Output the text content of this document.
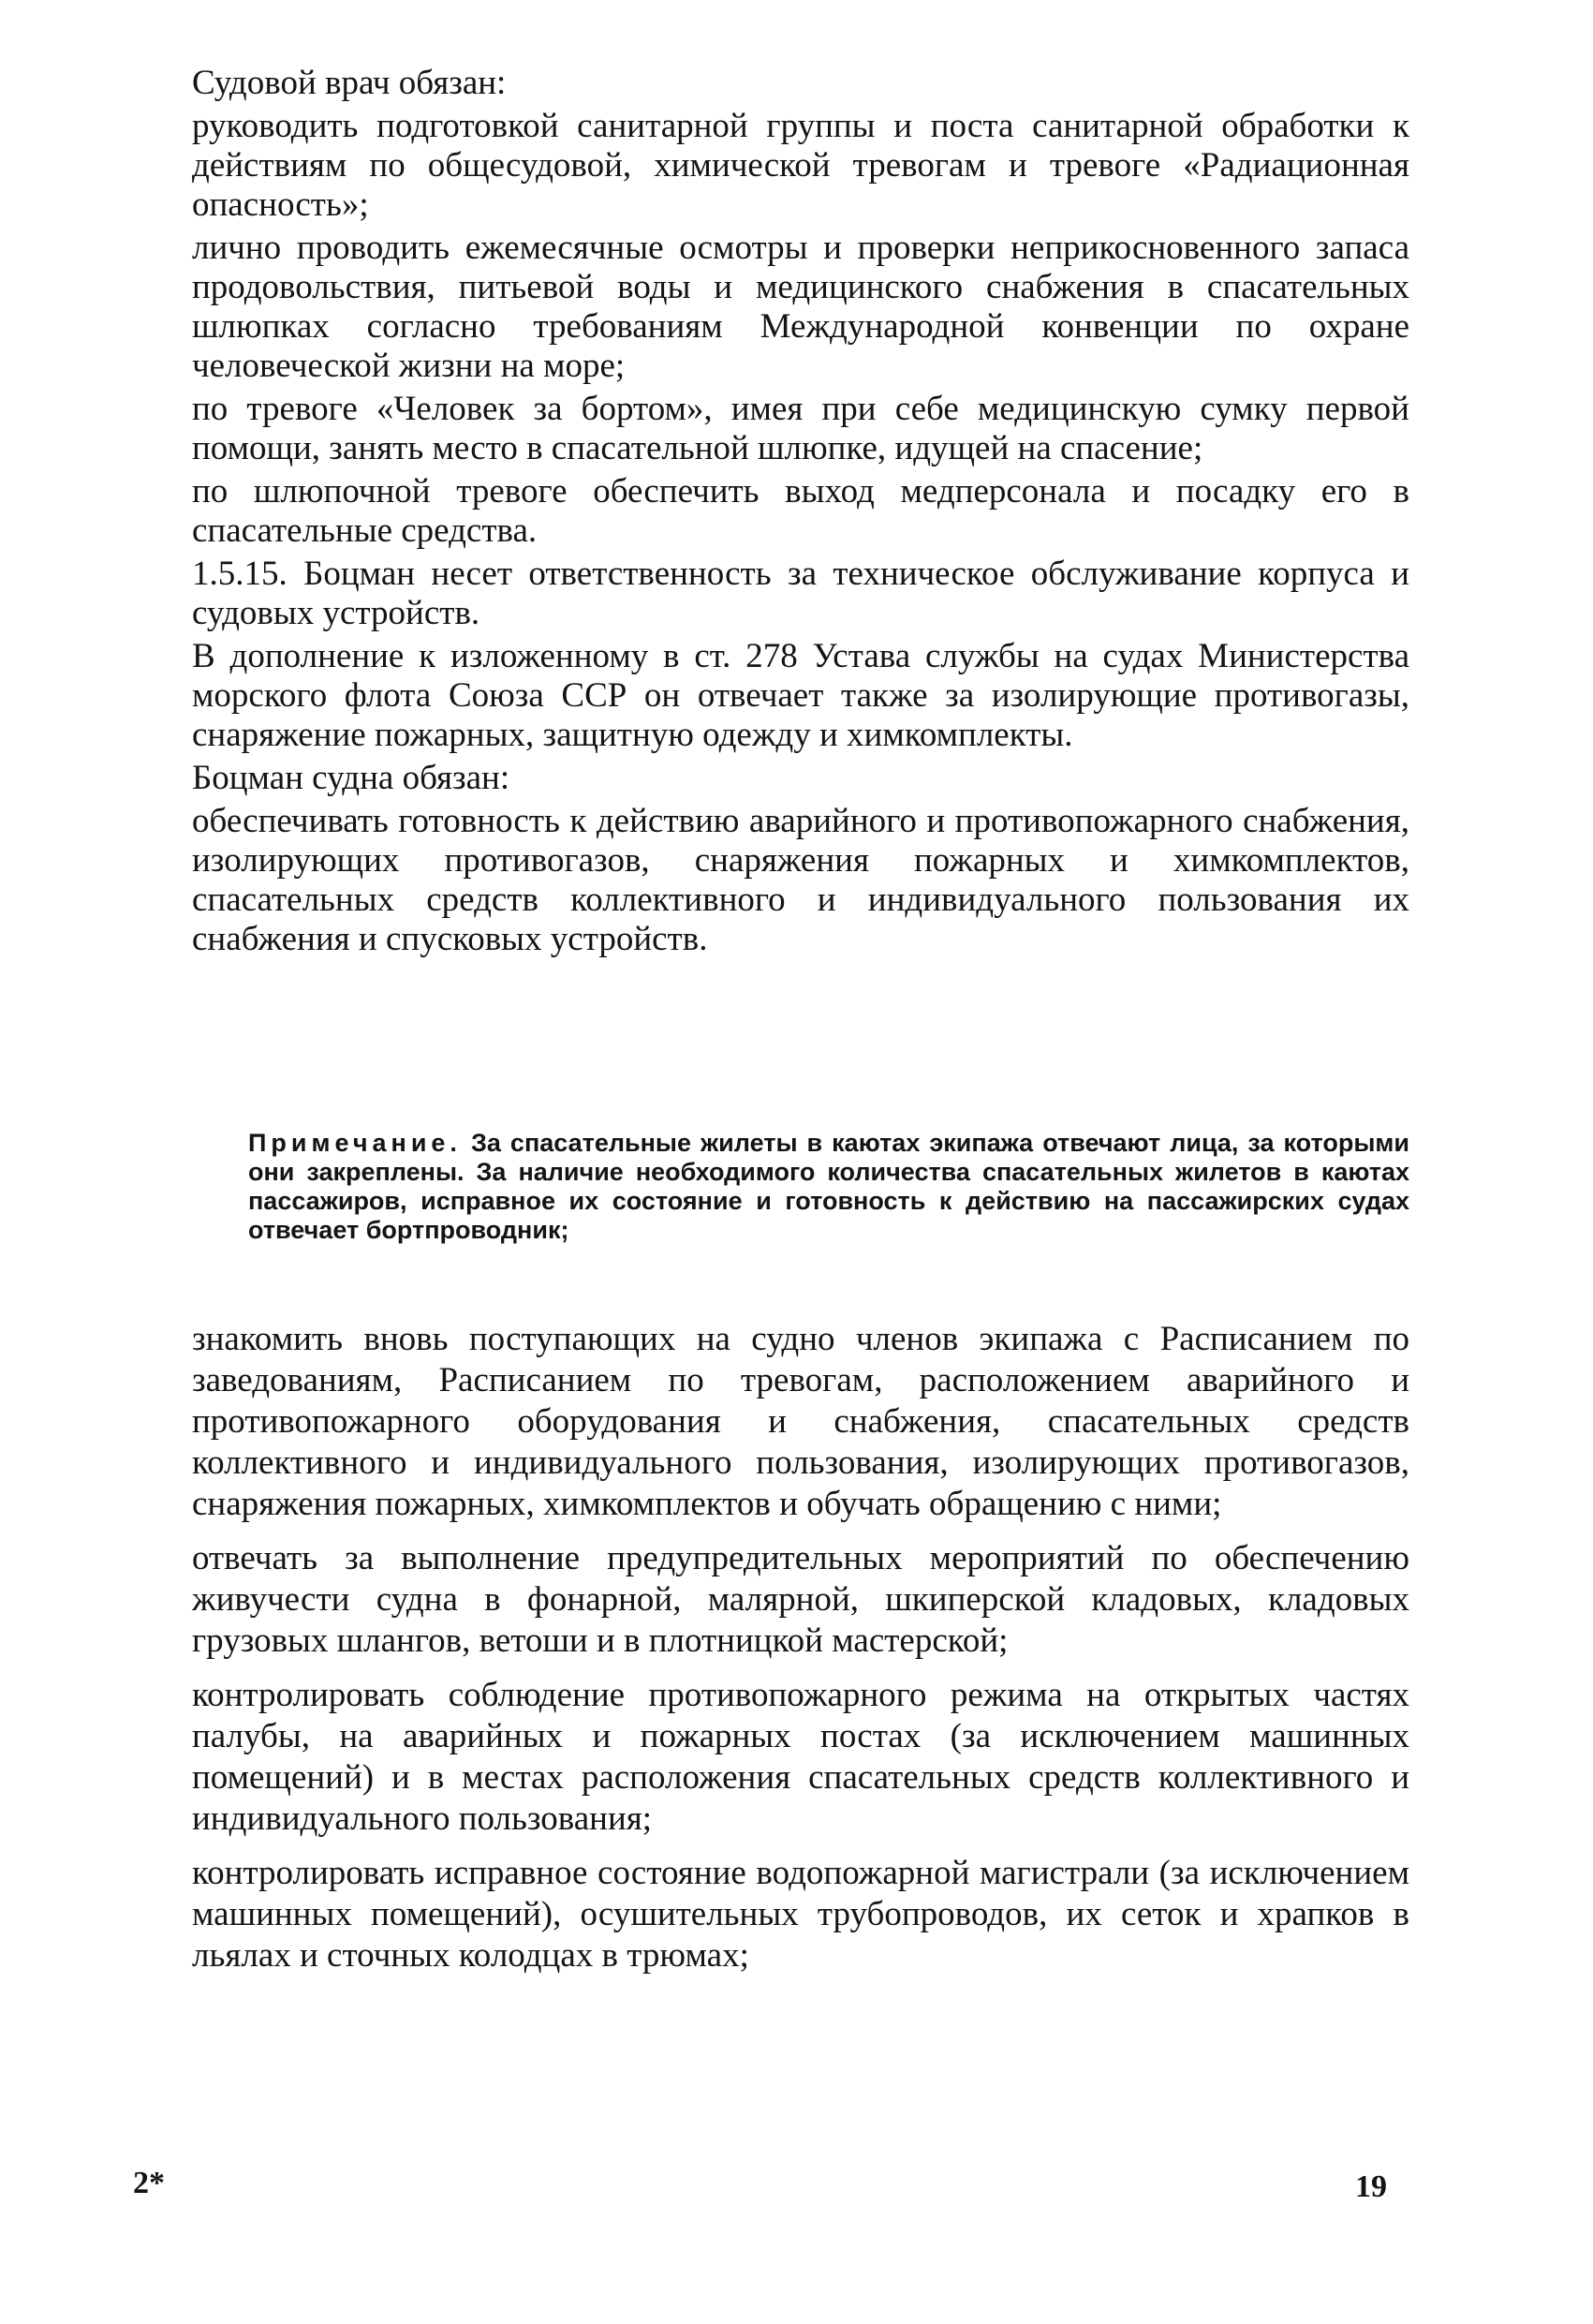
Судовой врач обязан:

руководить подготовкой санитарной группы и поста санитарной обработки к действиям по общесудовой, химической тревогам и тревоге «Радиационная опасность»;

лично проводить ежемесячные осмотры и проверки неприкосновенного запаса продовольствия, питьевой воды и медицинского снабжения в спасательных шлюпках согласно требованиям Международной конвенции по охране человеческой жизни на море;

по тревоге «Человек за бортом», имея при себе медицинскую сумку первой помощи, занять место в спасательной шлюпке, идущей на спасение;

по шлюпочной тревоге обеспечить выход медперсонала и посадку его в спасательные средства.

1.5.15. Боцман несет ответственность за техническое обслуживание корпуса и судовых устройств.

В дополнение к изложенному в ст. 278 Устава службы на судах Министерства морского флота Союза ССР он отвечает также за изолирующие противогазы, снаряжение пожарных, защитную одежду и химкомплекты.

Боцман судна обязан:

обеспечивать готовность к действию аварийного и противопожарного снабжения, изолирующих противогазов, снаряжения пожарных и химкомплектов, спасательных средств коллективного и индивидуального пользования их снабжения и спусковых устройств.

Примечание. За спасательные жилеты в каютах экипажа отвечают лица, за которыми они закреплены. За наличие необходимого количества спасательных жилетов в каютах пассажиров, исправное их состояние и готовность к действию на пассажирских судах отвечает бортпроводник;

знакомить вновь поступающих на судно членов экипажа с Расписанием по заведованиям, Расписанием по тревогам, расположением аварийного и противопожарного оборудования и снабжения, спасательных средств коллективного и индивидуального пользования, изолирующих противогазов, снаряжения пожарных, химкомплектов и обучать обращению с ними;

отвечать за выполнение предупредительных мероприятий по обеспечению живучести судна в фонарной, малярной, шкиперской кладовых, кладовых грузовых шлангов, ветоши и в плотницкой мастерской;

контролировать соблюдение противопожарного режима на открытых частях палубы, на аварийных и пожарных постах (за исключением машинных помещений) и в местах расположения спасательных средств коллективного и индивидуального пользования;

контролировать исправное состояние водопожарной магистрали (за исключением машинных помещений), осушительных трубопроводов, их сеток и храпков в льялах и сточных колодцах в трюмах;

2*	19
